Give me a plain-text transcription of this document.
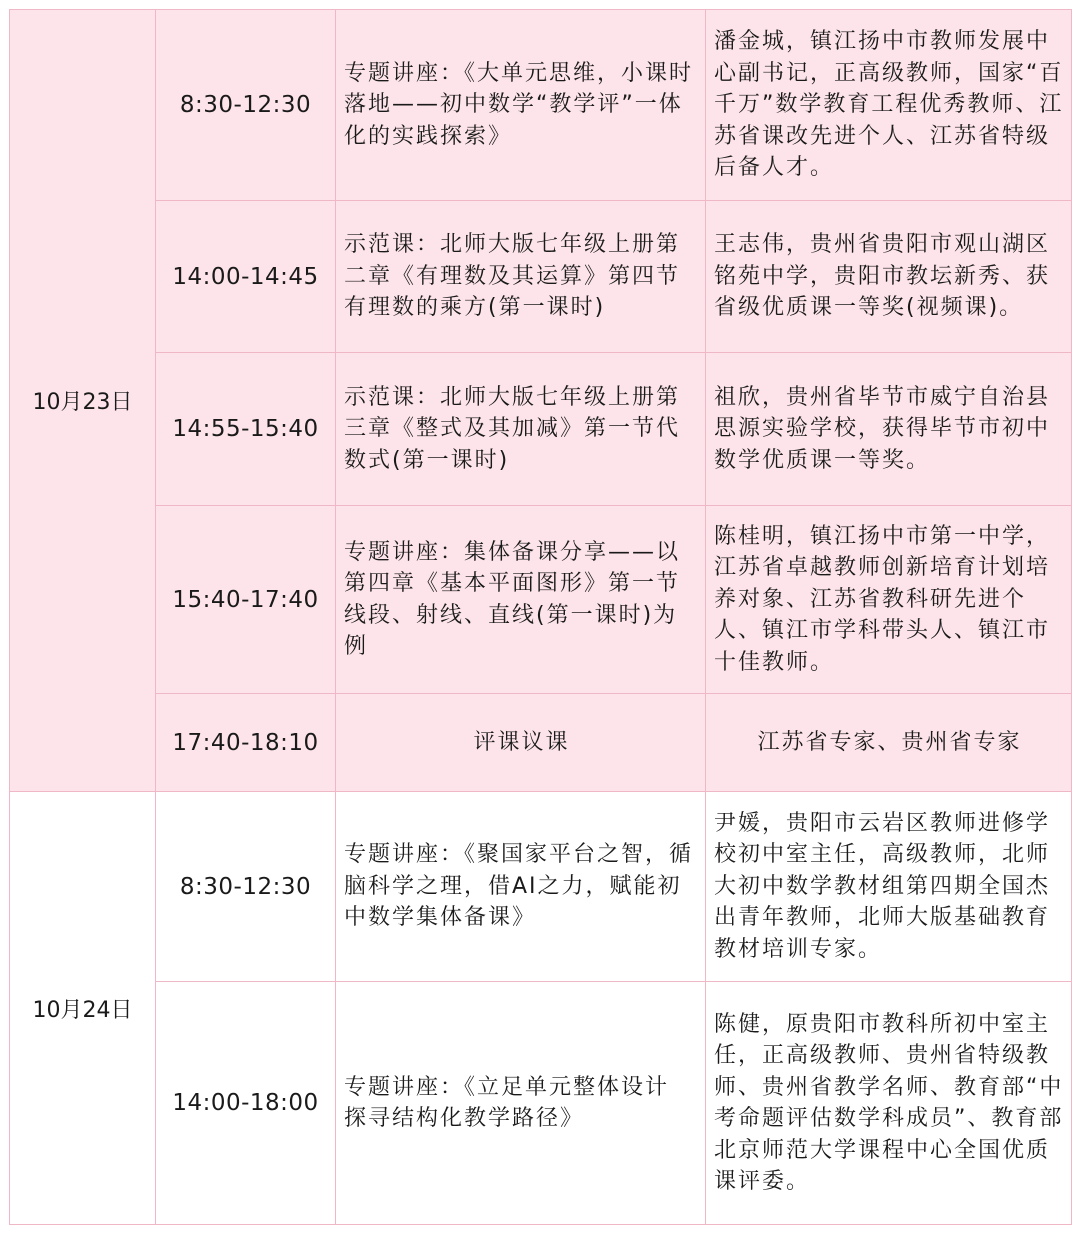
10月23日	8:30-12:30	专题讲座：《大单元思维，小课时落地——初中数学“教学评”一体化的实践探索》	潘金城，镇江扬中市教师发展中心副书记，正高级教师，国家“百千万”数学教育工程优秀教师、江苏省课改先进个人、江苏省特级后备人才。
	14:00-14:45	示范课：北师大版七年级上册第二章《有理数及其运算》第四节 有理数的乘方(第一课时)	王志伟，贵州省贵阳市观山湖区铭苑中学，贵阳市教坛新秀、获省级优质课一等奖(视频课)。
	14:55-15:40	示范课：北师大版七年级上册第三章《整式及其加减》第一节代数式(第一课时)	祖欣，贵州省毕节市威宁自治县思源实验学校，获得毕节市初中数学优质课一等奖。
	15:40-17:40	专题讲座：集体备课分享——以第四章《基本平面图形》第一节 线段、射线、直线(第一课时)为例	陈桂明，镇江扬中市第一中学，江苏省卓越教师创新培育计划培养对象、江苏省教科研先进个人、镇江市学科带头人、镇江市十佳教师。
	17:40-18:10	评课议课	江苏省专家、贵州省专家
10月24日	8:30-12:30	专题讲座：《聚国家平台之智，循脑科学之理，借AI之力，赋能初中数学集体备课》	尹媛，贵阳市云岩区教师进修学校初中室主任，高级教师，北师大初中数学教材组第四期全国杰出青年教师，北师大版基础教育教材培训专家。
	14:00-18:00	专题讲座：《立足单元整体设计 探寻结构化教学路径》	陈健，原贵阳市教科所初中室主任，正高级教师、贵州省特级教师、贵州省教学名师、教育部“中考命题评估数学科成员”、教育部北京师范大学课程中心全国优质课评委。
